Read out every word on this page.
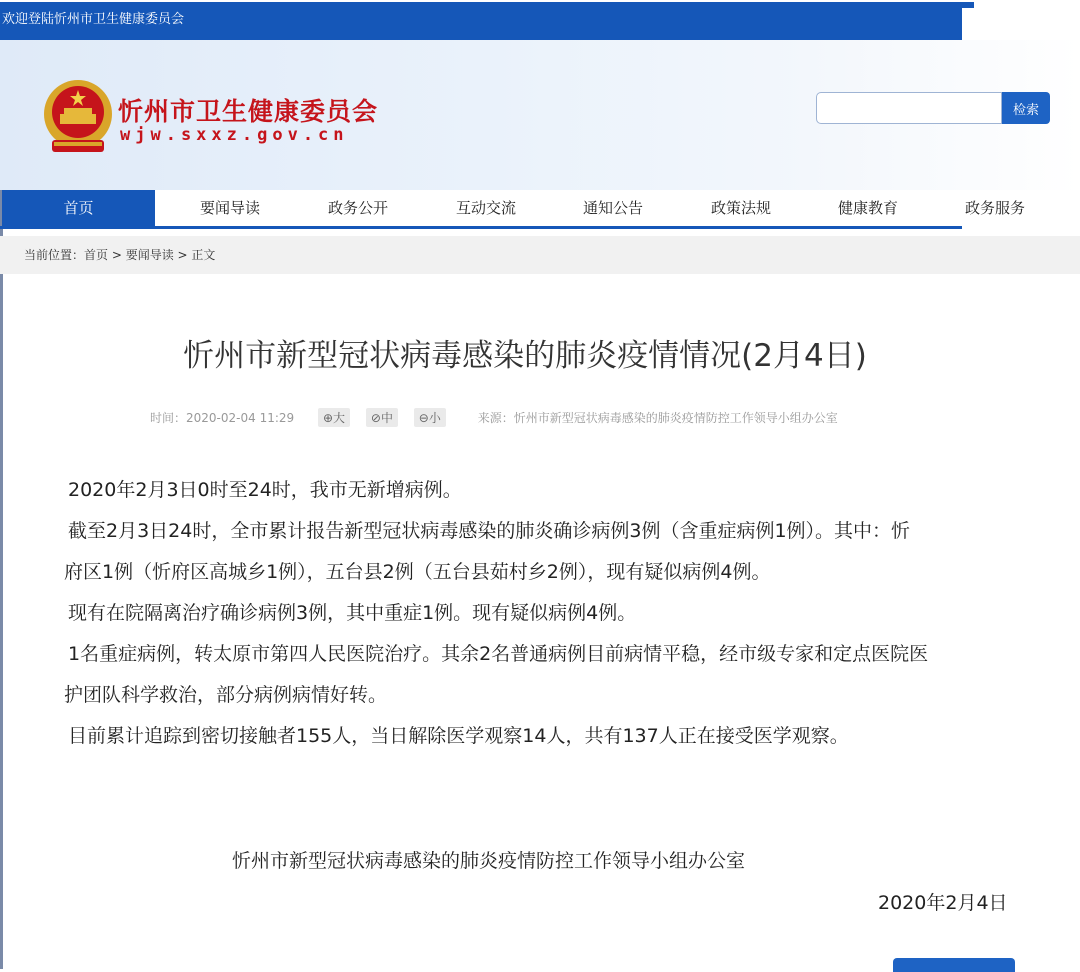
欢迎登陆忻州市卫生健康委员会
忻州市卫生健康委员会
wjw.sxxz.gov.cn
检索
首页	要闻导读	政务公开	互动交流	通知公告	政策法规	健康教育	政务服务
当前位置：首页 > 要闻导读 > 正文
忻州市新型冠状病毒感染的肺炎疫情情况(2月4日)
时间：2020-02-04 11:29 ⊕大 ⊘中 ⊖小	来源：忻州市新型冠状病毒感染的肺炎疫情防控工作领导小组办公室

2020年2月3日0时至24时，我市无新增病例。

截至2月3日24时，全市累计报告新型冠状病毒感染的肺炎确诊病例3例（含重症病例1例）。其中：忻

府区1例（忻府区高城乡1例），五台县2例（五台县茹村乡2例），现有疑似病例4例。

现有在院隔离治疗确诊病例3例，其中重症1例。现有疑似病例4例。

1名重症病例，转太原市第四人民医院治疗。其余2名普通病例目前病情平稳，经市级专家和定点医院医

护团队科学救治，部分病例病情好转。

目前累计追踪到密切接触者155人，当日解除医学观察14人，共有137人正在接受医学观察。

忻州市新型冠状病毒感染的肺炎疫情防控工作领导小组办公室
2020年2月4日
